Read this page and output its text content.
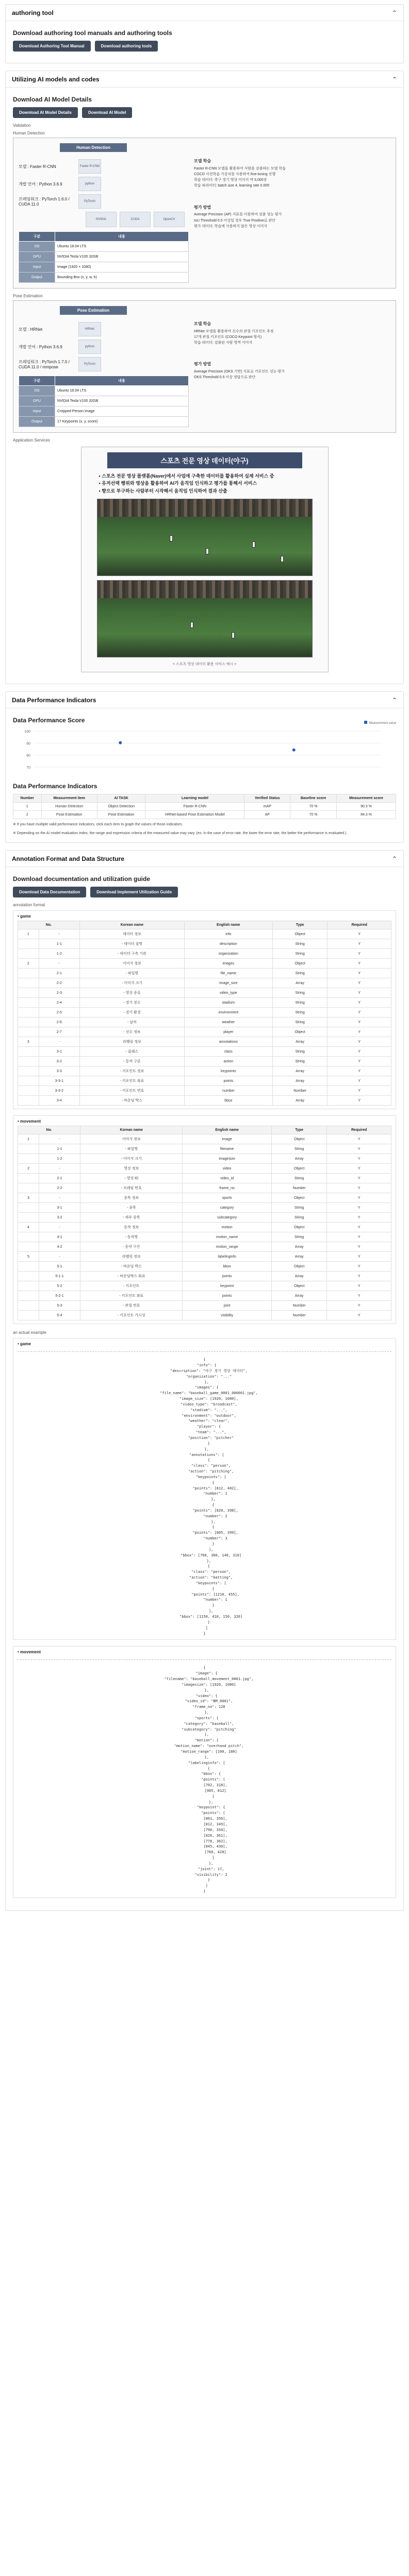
authoring tool	⌃
Download authoring tool manuals and authoring tools
Download Authoring Tool Manual	Download authoring tools
Utilizing AI models and codes	⌃
Download AI Model Details
Download AI Model Details	Download AI Model
Validation
Human Detection
Human Detection
모델 : Faster R-CNN	Faster R-CNN
개발 언어 : Python 3.6.9	python
프레임워크 : PyTorch 1.6.0 / CUDA 11.0
PyTorch
NVIDIA	CUDA	OpenCV
구분	내용
OS	Ubuntu 18.04 LTS
GPU	NVIDIA Tesla V100 32GB
Input	Image (1920 × 1080)
Output	Bounding Box (x, y, w, h)
모델 학습
Faster R-CNN 모델을 활용하여 사람을 검출하는 모델 학습
COCO 사전학습 가중치를 사용하여 fine-tuning 진행
학습 데이터: 축구 경기 영상 이미지 약 3,000장
학습 파라미터: batch size 4, learning rate 0.005
평가 방법
Average Precision (AP) 지표를 이용하여 검출 성능 평가
IoU Threshold 0.5 이상일 경우 True Positive로 판단
평가 데이터: 학습에 사용하지 않은 영상 이미지
Pose Estimation
Pose Estimation
모델 : HRNet	HRNet
개발 언어 : Python 3.6.9	python
프레임워크 : PyTorch 1.7.0 / CUDA 11.0 / mmpose
PyTorch
구분	내용
OS	Ubuntu 18.04 LTS
GPU	NVIDIA Tesla V100 32GB
Input	Cropped Person Image
Output	17 Keypoints (x, y, score)
모델 학습
HRNet 모델을 활용하여 선수의 관절 키포인트 추정
17개 관절 키포인트 (COCO Keypoint 형식)
학습 데이터: 검출된 사람 영역 이미지
평가 방법
Average Precision (OKS 기반) 지표로 키포인트 성능 평가
OKS Threshold 0.5 이상 정답으로 판단
Application Services
스포츠 전문 영상 데이터(야구)
• 스포츠 전문 영상 플랫폼(Naver)에서 사업에 구축한 데이터를 활용하여 실제 서비스 중
• 유저선택 행위와 영상을 활용하여 AI가 움직임 인식하고 평가를 통해서 서비스
• 향으로 투구하는 사람부터 시작해서 움직임 인식하여 결과 산출
< 스포츠 영상 데이터 활용 서비스 예시 >
Data Performance Indicators	⌃
Data Performance Score	Measurement value
100
90
80
70
Data Performance Indicators
Number	Measurement item	AI TASK	Learning model	Verified Status	Baseline score	Measurement score
1	Human Detection	Object Detection	Faster R-CNN	mAP	70 %	90.3 %
2	Pose Estimation	Pose Estimation	HRNet-based Pose Estimation Model	AP	70 %	84.3 %
※ If you have multiple valid performance indicators, click each item to graph the values of those indicators.
※ Depending on the AI model evaluation index, the range and expression criteria of the measured value may vary. (ex: In the case of error rate, the lower the error rate, the better the performance is evaluated.)
Annotation Format and Data Structure	⌃
Download documentation and utilization guide
Download Data Documentation	Download Implement Utilization Guide
annotation format
• game
No.		Korean name	English name	Type	Required
1	-	데이터 정보	info	Object	Y
	1-1	- 데이터 설명	description	String	Y
	1-2	- 데이터 구축 기관	organization	String	Y
2	-	이미지 정보	images	Object	Y
	2-1	- 파일명	file_name	String	Y
	2-2	- 이미지 크기	image_size	Array	Y
	2-3	- 영상 종류	video_type	String	Y
	2-4	- 경기 장소	stadium	String	Y
	2-5	- 경기 환경	environment	String	Y
	2-6	- 날씨	weather	String	Y
	2-7	- 선수 정보	player	Object	Y
3	-	라벨링 정보	annotations	Array	Y
	3-1	- 클래스	class	String	Y
	3-2	- 동작 구분	action	String	Y
	3-3	- 키포인트 정보	keypoints	Array	Y
	3-3-1	- 키포인트 좌표	points	Array	Y
	3-3-2	- 키포인트 번호	number	Number	Y
	3-4	- 바운딩 박스	bbox	Array	Y
• movement
No.		Korean name	English name	Type	Required
1	-	이미지 정보	image	Object	Y
	1-1	- 파일명	filename	String	Y
	1-2	- 이미지 크기	imagesize	Array	Y
2	-	영상 정보	video	Object	Y
	2-1	- 영상 ID	video_id	String	Y
	2-2	- 프레임 번호	frame_no	Number	Y
3	-	종목 정보	sports	Object	Y
	3-1	- 종목	category	String	Y
	3-2	- 세부 종목	subcategory	String	Y
4	-	동작 정보	motion	Object	Y
	4-1	- 동작명	motion_name	String	Y
	4-2	- 동작 구간	motion_range	Array	Y
5	-	라벨링 정보	labelinginfo	Array	Y
	5-1	- 바운딩 박스	bbox	Object	Y
	5-1-1	- 바운딩박스 좌표	points	Array	Y
	5-2	- 키포인트	keypoint	Object	Y
	5-2-1	- 키포인트 좌표	points	Array	Y
	5-3	- 관절 번호	joint	Number	Y
	5-4	- 키포인트 가시성	visibility	Number	Y
an actual example
• game
{
"info": {
"description": "야구 경기 영상 데이터",
"organization": "..."
},
"images": {
"file_name": "baseball_game_0001_000001.jpg",
"image_size": [1920, 1080],
"video_type": "broadcast",
"stadium": "...",
"environment": "outdoor",
"weather": "clear",
"player": {
"team": "...",
"position": "pitcher"
}
},
"annotations": [
{
"class": "person",
"action": "pitching",
"keypoints": [
{
"points": [812, 402],
"number": 1
},
{
"points": [820, 398],
"number": 2
},
{
"points": [805, 399],
"number": 3
}
],
"bbox": [760, 360, 140, 310]
},
{
"class": "person",
"action": "batting",
"keypoints": [
{
"points": [1210, 455],
"number": 1
}
],
"bbox": [1150, 410, 150, 320]
}
]
}
• movement
{
"image": {
"filename": "baseball_movement_0001.jpg",
"imagesize": [1920, 1080]
},
"video": {
"video_id": "BM_0001",
"frame_no": 120
},
"sports": {
"category": "baseball",
"subcategory": "pitching"
},
"motion": {
"motion_name": "overhand pitch",
"motion_range": [100, 180]
},
"labelinginfo": [
{
"bbox": {
"points": [
[702, 318],
[905, 812]
]
},
"keypoint": {
"points": [
[801, 356],
[812, 349],
[790, 350],
[826, 361],
[778, 362],
[845, 430],
[760, 428]
]
},
"joint": 17,
"visibility": 2
}
]
}
